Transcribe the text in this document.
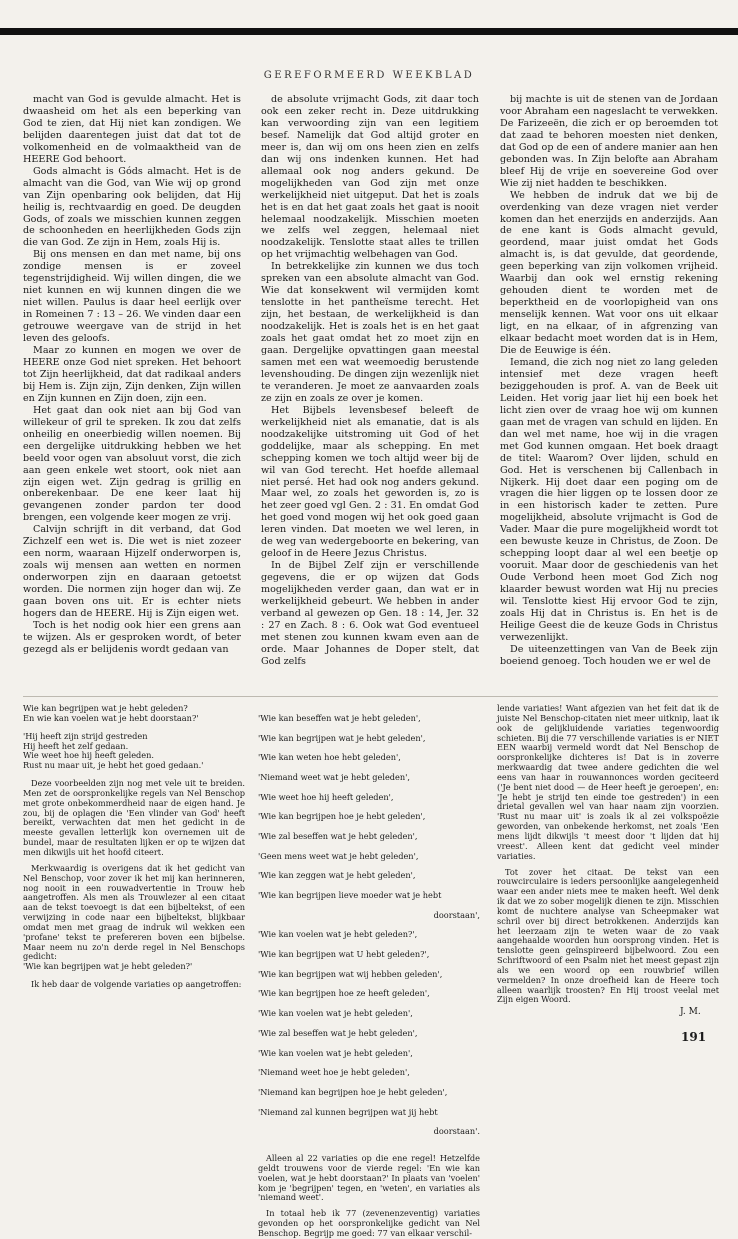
GEREFORMEERD WEEKBLAD

macht van God is gevulde almacht. Het is dwaasheid om het als een beperking van God te zien, dat Hij niet kan zondigen. We belijden daarentegen juist dat dat tot de volkomenheid en de volmaaktheid van de HEERE God behoort.

Gods almacht is Góds almacht. Het is de almacht van die God, van Wie wij op grond van Zijn openbaring ook belijden, dat Hij heilig is, rechtvaardig en goed. De deugden Gods, of zoals we misschien kunnen zeggen de schoonheden en heerlijkheden Gods zijn die van God. Ze zijn in Hem, zoals Hij is.

Bij ons mensen en dan met name, bij ons zondige mensen is er zoveel tegenstrijdigheid. Wij willen dingen, die we niet kunnen en wij kunnen dingen die we niet willen. Paulus is daar heel eerlijk over in Romeinen 7 : 13 – 26. We vinden daar een getrouwe weergave van de strijd in het leven des geloofs.

Maar zo kunnen en mogen we over de HEERE onze God niet spreken. Het behoort tot Zijn heerlijkheid, dat dat radikaal anders bij Hem is. Zijn zijn, Zijn denken, Zijn willen en Zijn kunnen en Zijn doen, zijn een.

Het gaat dan ook niet aan bij God van willekeur of gril te spreken. Ik zou dat zelfs onheilig en oneerbiedig willen noemen. Bij een dergelijke uitdrukking hebben we het beeld voor ogen van absoluut vorst, die zich aan geen enkele wet stoort, ook niet aan zijn eigen wet. Zijn gedrag is grillig en onberekenbaar. De ene keer laat hij gevangenen zonder pardon ter dood brengen, een volgende keer mogen ze vrij.

Calvijn schrijft in dit verband, dat God Zichzelf een wet is. Die wet is niet zozeer een norm, waaraan Hijzelf onderworpen is, zoals wij mensen aan wetten en normen onderworpen zijn en daaraan getoetst worden. Die normen zijn hoger dan wij. Ze gaan boven ons uit. Er is echter niets hogers dan de HEERE. Hij is Zijn eigen wet.

Toch is het nodig ook hier een grens aan te wijzen. Als er gesproken wordt, of beter gezegd als er belijdenis wordt gedaan van

de absolute vrijmacht Gods, zit daar toch ook een zeker recht in. Deze uitdrukking kan verwoording zijn van een legitiem besef. Namelijk dat God altijd groter en meer is, dan wij om ons heen zien en zelfs dan wij ons indenken kunnen. Het had allemaal ook nog anders gekund. De mogelijkheden van God zijn met onze werkelijkheid niet uitgeput. Dat het is zoals het is en dat het gaat zoals het gaat is nooit helemaal noodzakelijk. Misschien moeten we zelfs wel zeggen, helemaal niet noodzakelijk. Tenslotte staat alles te trillen op het vrijmachtig welbehagen van God.

In betrekkelijke zin kunnen we dus toch spreken van een absolute almacht van God. Wie dat konsekwent wil vermijden komt tenslotte in het pantheïsme terecht. Het zijn, het bestaan, de werkelijkheid is dan noodzakelijk. Het is zoals het is en het gaat zoals het gaat omdat het zo moet zijn en gaan. Dergelijke opvattingen gaan meestal samen met een wat weemoedig berustende levenshouding. De dingen zijn wezenlijk niet te veranderen. Je moet ze aanvaarden zoals ze zijn en zoals ze over je komen.

Het Bijbels levensbesef beleeft de werkelijkheid niet als emanatie, dat is als noodzakelijke uitstroming uit God of het goddelijke, maar als schepping. En met schepping komen we toch altijd weer bij de wil van God terecht. Het hoefde allemaal niet persé. Het had ook nog anders gekund. Maar wel, zo zoals het geworden is, zo is het zeer goed vgl Gen. 2 : 31. En omdat God het goed vond mogen wij het ook goed gaan leren vinden. Dat moeten we wel leren, in de weg van wedergeboorte en bekering, van geloof in de Heere Jezus Christus.

In de Bijbel Zelf zijn er verschillende gegevens, die er op wijzen dat Gods mogelijkheden verder gaan, dan wat er in werkelijkheid gebeurt. We hebben in ander verband al gewezen op Gen. 18 : 14, Jer. 32 : 27 en Zach. 8 : 6. Ook wat God eventueel met stenen zou kunnen kwam even aan de orde. Maar Johannes de Doper stelt, dat God zelfs

bij machte is uit de stenen van de Jordaan voor Abraham een nageslacht te verwekken. De Farizeeën, die zich er op beroemden tot dat zaad te behoren moesten niet denken, dat God op de een of andere manier aan hen gebonden was. In Zijn belofte aan Abraham bleef Hij de vrije en soevereine God over Wie zij niet hadden te beschikken.

We hebben de indruk dat we bij de overdenking van deze vragen niet verder komen dan het enerzijds en anderzijds. Aan de ene kant is Gods almacht gevuld, geordend, maar juist omdat het Gods almacht is, is dat gevulde, dat geordende, geen beperking van zijn volkomen vrijheid. Waarbij dan ook wel ernstig rekening gehouden dient te worden met de beperktheid en de voorlopigheid van ons menselijk kennen. Wat voor ons uit elkaar ligt, en na elkaar, of in afgrenzing van elkaar bedacht moet worden dat is in Hem, Die de Eeuwige is één.

Iemand, die zich nog niet zo lang geleden intensief met deze vragen heeft beziggehouden is prof. A. van de Beek uit Leiden. Het vorig jaar liet hij een boek het licht zien over de vraag hoe wij om kunnen gaan met de vragen van schuld en lijden. En dan wel met name, hoe wij in die vragen met God kunnen omgaan. Het boek draagt de titel: Waarom? Over lijden, schuld en God. Het is verschenen bij Callenbach in Nijkerk. Hij doet daar een poging om de vragen die hier liggen op te lossen door ze in een historisch kader te zetten. Pure mogelijkheid, absolute vrijmacht is God de Vader. Maar die pure mogelijkheid wordt tot een bewuste keuze in Christus, de Zoon. De schepping loopt daar al wel een beetje op vooruit. Maar door de geschiedenis van het Oude Verbond heen moet God Zich nog klaarder bewust worden wat Hij nu precies wil. Tenslotte kiest Hij ervoor God te zijn, zoals Hij dat in Christus is. En het is de Heilige Geest die de keuze Gods in Christus verwezenlijkt.

De uiteenzettingen van Van de Beek zijn boeiend genoeg. Toch houden we er wel de

Wie kan begrijpen wat je hebt geleden?
En wie kan voelen wat je hebt doorstaan?'
'Hij heeft zijn strijd gestreden
Hij heeft het zelf gedaan.
Wie weet hoe hij heeft geleden.
Rust nu maar uit, je hebt het goed gedaan.'

Deze voorbeelden zijn nog met vele uit te breiden. Men zet de oorspronkelijke regels van Nel Benschop met grote onbekommerdheid naar de eigen hand. Je zou, bij de oplagen die 'Een vlinder van God' heeft bereikt, verwachten dat men het gedicht in de meeste gevallen letterlijk kon overnemen uit de bundel, maar de resultaten lijken er op te wijzen dat men dikwijls uit het hoofd citeert.

Merkwaardig is overigens dat ik het gedicht van Nel Benschop, voor zover ik het mij kan herinneren, nog nooit in een rouwadvertentie in Trouw heb aangetroffen. Als men als Trouwlezer al een citaat aan de tekst toevoegt is dat een bijbeltekst, of een verwijzing in code naar een bijbeltekst, blijkbaar omdat men met graag de indruk wil wekken een 'profane' tekst te prefereren boven een bijbelse. Maar neem nu zo'n derde regel in Nel Benschops gedicht:

'Wie kan begrijpen wat je hebt geleden?'

Ik heb daar de volgende variaties op aangetroffen:

'Wie kan beseffen wat je hebt geleden',

'Wie kan begrijpen wat je hebt geleden',

'Wie kan weten hoe hebt geleden',

'Niemand weet wat je hebt geleden',

'Wie weet hoe hij heeft geleden',

'Wie kan begrijpen hoe je hebt geleden',

'Wie zal beseffen wat je hebt geleden',

'Geen mens weet wat je hebt geleden',

'Wie kan zeggen wat je hebt geleden',

'Wie kan begrijpen lieve moeder wat je hebt

doorstaan',

'Wie kan voelen wat je hebt geleden?',

'Wie kan begrijpen wat U hebt geleden?',

'Wie kan begrijpen wat wij hebben geleden',

'Wie kan begrijpen hoe ze heeft geleden',

'Wie kan voelen wat je hebt geleden',

'Wie zal beseffen wat je hebt geleden',

'Wie kan voelen wat je hebt geleden',

'Niemand weet hoe je hebt geleden',

'Niemand kan begrijpen hoe je hebt geleden',

'Niemand zal kunnen begrijpen wat jij hebt

doorstaan'.

Alleen al 22 variaties op die ene regel! Hetzelfde geldt trouwens voor de vierde regel: 'En wie kan voelen, wat je hebt doorstaan?' In plaats van 'voelen' kom je 'begrijpen' tegen, en 'weten', en variaties als 'niemand weet'.

In totaal heb ik 77 (zevenenzeventig) variaties gevonden op het oorspronkelijke gedicht van Nel Benschop. Begrijp me goed: 77 van elkaar verschil-

lende variaties! Want afgezien van het feit dat ik de juiste Nel Benschop-citaten niet meer uitknip, laat ik ook de gelijkluidende variaties tegenwoordig schieten. Bij die 77 verschillende variaties is er NIET EEN waarbij vermeld wordt dat Nel Benschop de oorspronkelijke dichteres is! Dat is in zoverre merkwaardig dat twee andere gedichten die wel eens van haar in rouwannonces worden geciteerd ('Je bent niet dood — de Heer heeft je geroepen', en: 'Je hebt je strijd ten einde toe gestreden') in een drietal gevallen wel van haar naam zijn voorzien. 'Rust nu maar uit' is zoals ik al zei volkspoëzie geworden, van onbekende herkomst, net zoals 'Een mens lijdt dikwijls 't meest door 't lijden dat hij vreest'. Alleen kent dat gedicht veel minder variaties.

Tot zover het citaat. De tekst van een rouwcirculaire is ieders persoonlijke aangelegenheid waar een ander niets mee te maken heeft. Wel denk ik dat we zo sober mogelijk dienen te zijn. Misschien komt de nuchtere analyse van Scheepmaker wat schril over bij direct betrokkenen. Anderzijds kan het leerzaam zijn te weten waar de zo vaak aangehaalde woorden hun oorsprong vinden. Het is tenslotte geen geïnspireerd bijbelwoord. Zou een Schriftwoord of een Psalm niet het meest gepast zijn als we een woord op een rouwbrief willen vermelden? In onze droefheid kan de Heere toch alleen waarlijk troosten? En Hij troost veelal met Zijn eigen Woord.

J. M.
191
